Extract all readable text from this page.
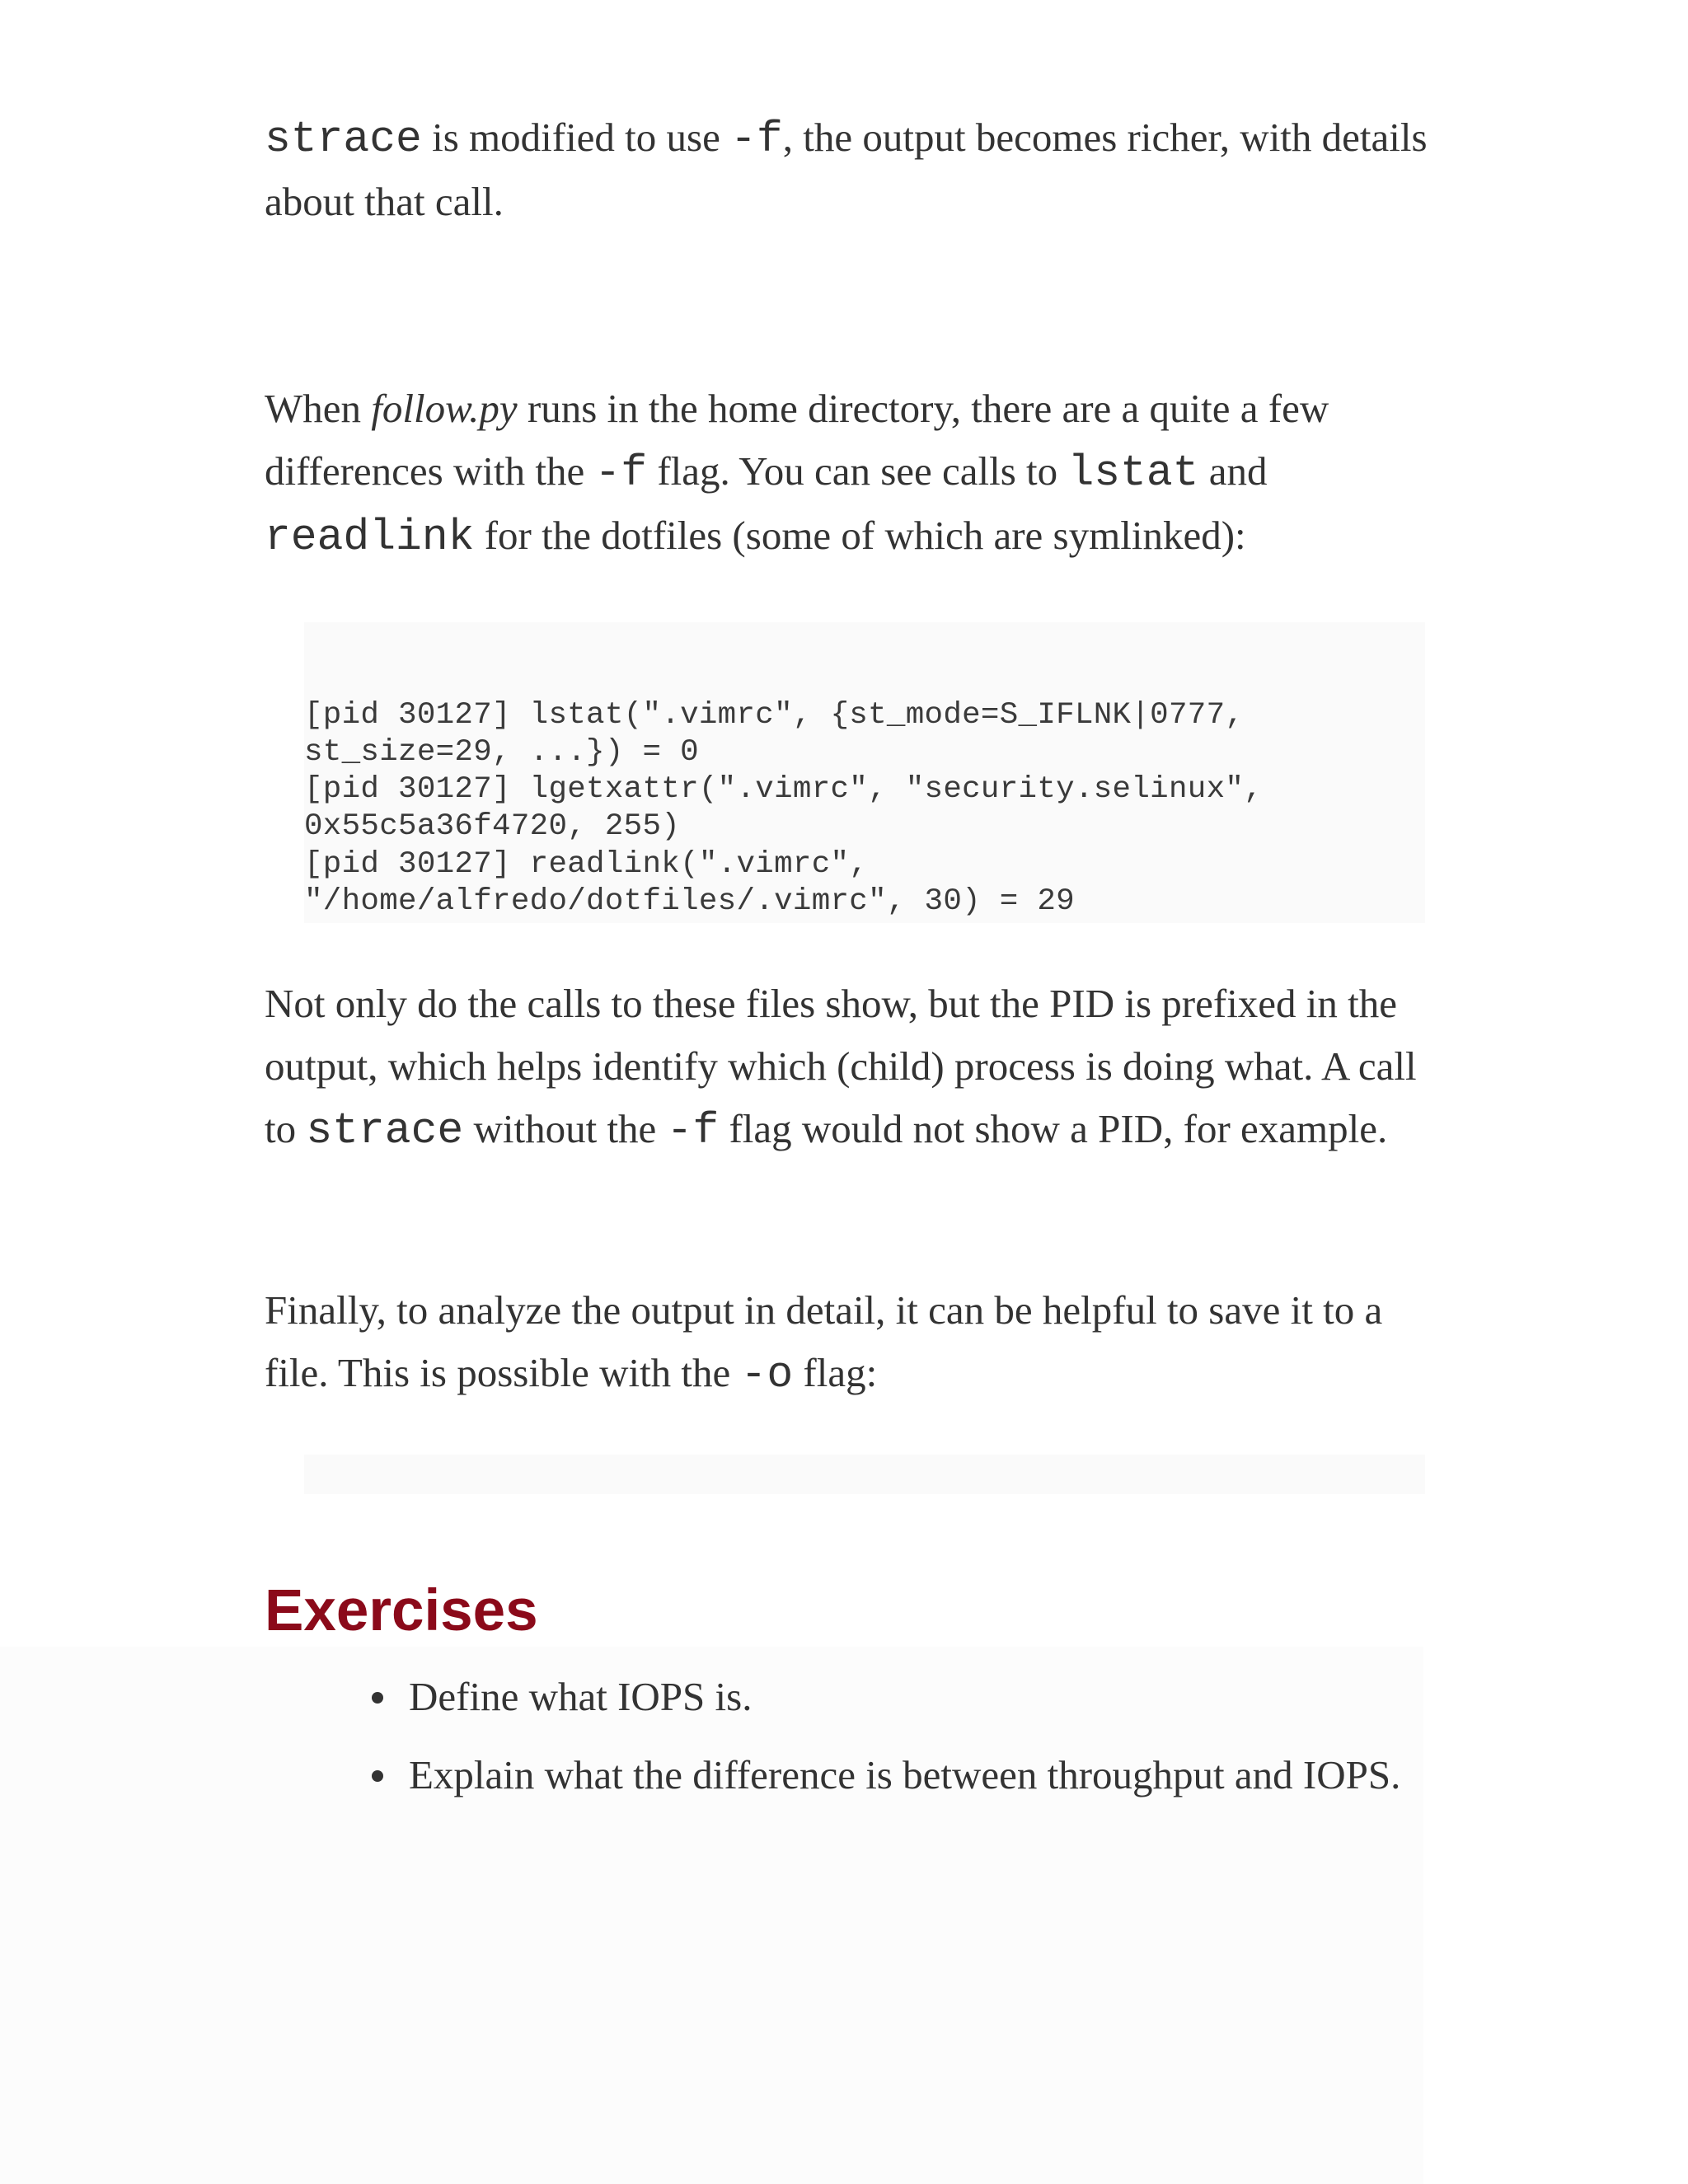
strace is modified to use -f, the output becomes richer, with details about that call.

When follow.py runs in the home directory, there are a quite a few differences with the -f flag. You can see calls to lstat and readlink for the dotfiles (some of which are symlinked):

[pid 30127] lstat(".vimrc", {st_mode=S_IFLNK|0777,
st_size=29, ...}) = 0
[pid 30127] lgetxattr(".vimrc", "security.selinux",
0x55c5a36f4720, 255)
[pid 30127] readlink(".vimrc",
"/home/alfredo/dotfiles/.vimrc", 30) = 29

Not only do the calls to these files show, but the PID is prefixed in the output, which helps identify which (child) process is doing what. A call to strace without the -f flag would not show a PID, for example.

Finally, to analyze the output in detail, it can be helpful to save it to a file. This is possible with the -o flag:

Exercises
Define what IOPS is.
Explain what the difference is between throughput and IOPS.
